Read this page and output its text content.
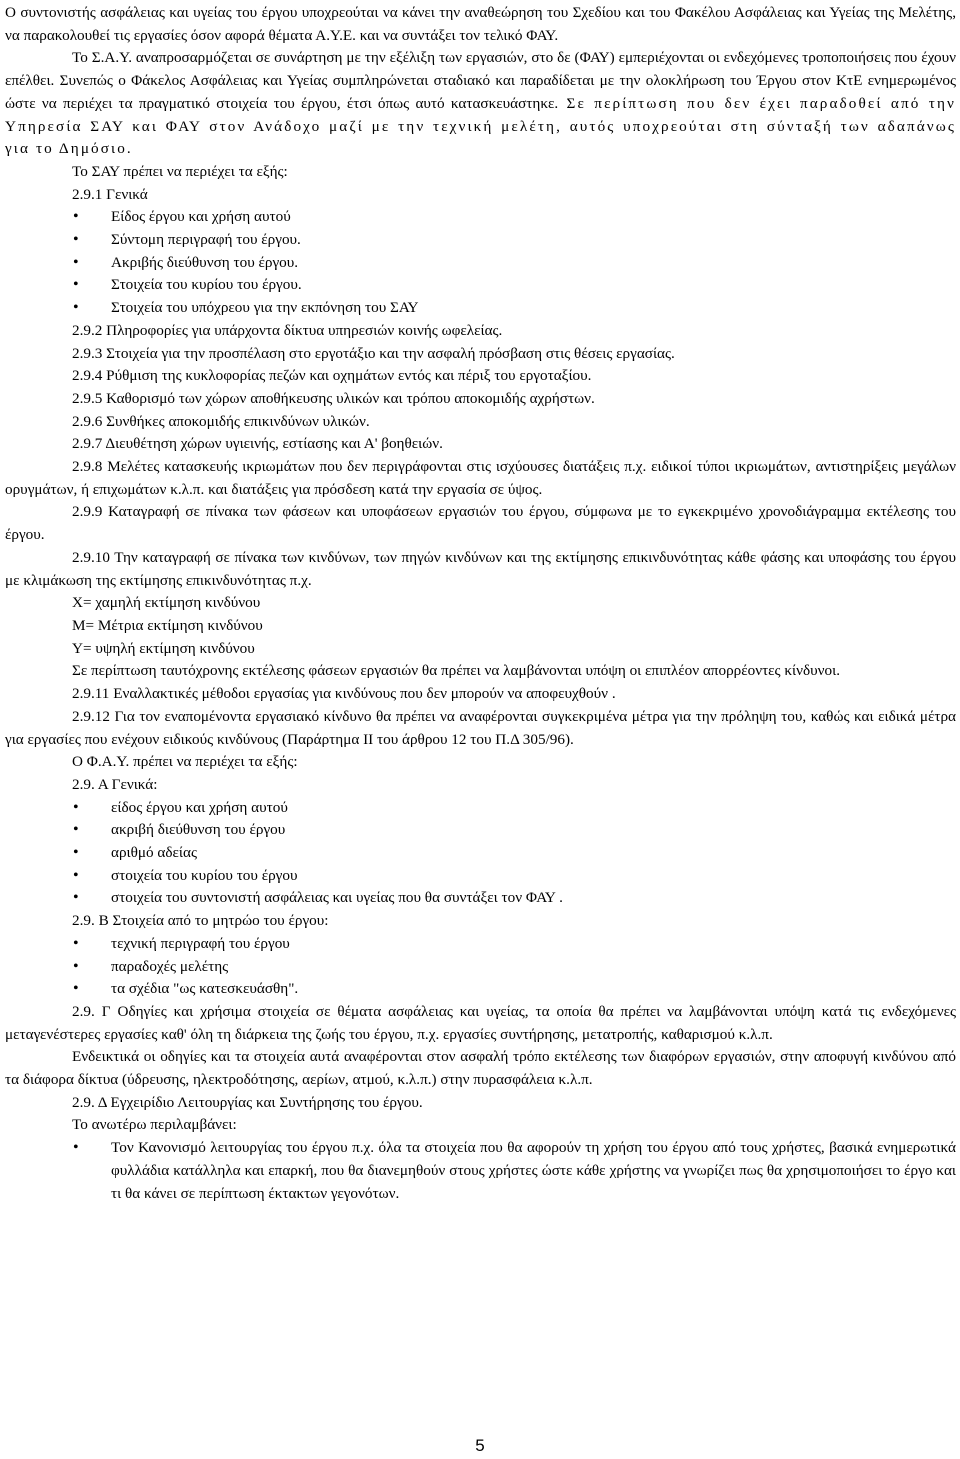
Ο συντονιστής ασφάλειας και υγείας του έργου υποχρεούται να κάνει την αναθεώρηση του Σχεδίου και του Φακέλου Ασφάλειας και Υγείας της Μελέτης, να παρακολουθεί τις εργασίες όσον αφορά θέματα Α.Υ.Ε. και να συντάξει τον τελικό ΦΑΥ.

Το Σ.Α.Υ. αναπροσαρμόζεται σε συνάρτηση με την εξέλιξη των εργασιών, στο δε (ΦΑΥ) εμπεριέχονται οι ενδεχόμενες τροποποιήσεις που έχουν επέλθει. Συνεπώς ο Φάκελος Ασφάλειας και Υγείας συμπληρώνεται σταδιακό και παραδίδεται με την ολοκλήρωση του Έργου στον ΚτΕ ενημερωμένος ώστε να περιέχει τα πραγματικό στοιχεία του έργου, έτσι όπως αυτό κατασκευάστηκε. Σε περίπτωση που δεν έχει παραδοθεί από την Υπηρεσία ΣΑΥ και ΦΑΥ στον Ανάδοχο μαζί με την τεχνική μελέτη, αυτός υποχρεούται στη σύνταξή των αδαπάνως για το Δημόσιο.

Το ΣΑΥ πρέπει να περιέχει τα εξής:

2.9.1 Γενικά

• Είδος έργου και χρήση αυτού
• Σύντομη περιγραφή του έργου.
• Ακριβής διεύθυνση του έργου.
• Στοιχεία του κυρίου του έργου.
• Στοιχεία του υπόχρεου για την εκπόνηση του ΣΑΥ

2.9.2 Πληροφορίες για υπάρχοντα δίκτυα υπηρεσιών κοινής ωφελείας.

2.9.3 Στοιχεία για την προσπέλαση στο εργοτάξιο και την ασφαλή πρόσβαση στις θέσεις εργασίας.

2.9.4 Ρύθμιση της κυκλοφορίας πεζών και οχημάτων εντός και πέριξ του εργοταξίου.

2.9.5 Καθορισμό των χώρων αποθήκευσης υλικών και τρόπου αποκομιδής αχρήστων.

2.9.6 Συνθήκες αποκομιδής επικινδύνων υλικών.

2.9.7 Διευθέτηση χώρων υγιεινής, εστίασης και Α' βοηθειών.

2.9.8 Μελέτες κατασκευής ικριωμάτων που δεν περιγράφονται στις ισχύουσες διατάξεις π.χ. ειδικοί τύποι ικριωμάτων, αντιστηρίξεις μεγάλων ορυγμάτων, ή επιχωμάτων κ.λ.π. και διατάξεις για πρόσδεση κατά την εργασία σε ύψος.

2.9.9 Καταγραφή σε πίνακα των φάσεων και υποφάσεων εργασιών του έργου, σύμφωνα με το εγκεκριμένο χρονοδιάγραμμα εκτέλεσης του έργου.

2.9.10 Την καταγραφή σε πίνακα των κινδύνων, των πηγών κινδύνων και της εκτίμησης επικινδυνότητας κάθε φάσης και υποφάσης του έργου με κλιμάκωση της εκτίμησης επικινδυνότητας π.χ.

Χ= χαμηλή εκτίμηση κινδύνου

Μ= Μέτρια εκτίμηση κινδύνου

Υ= υψηλή εκτίμηση κινδύνου

Σε περίπτωση ταυτόχρονης εκτέλεσης φάσεων εργασιών θα πρέπει να λαμβάνονται υπόψη οι επιπλέον απορρέοντες κίνδυνοι.

2.9.11 Εναλλακτικές μέθοδοι εργασίας για κινδύνους που δεν μπορούν να αποφευχθούν .

2.9.12 Για τον εναπομένοντα εργασιακό κίνδυνο θα πρέπει να αναφέρονται συγκεκριμένα μέτρα για την πρόληψη του, καθώς και ειδικά μέτρα για εργασίες που ενέχουν ειδικούς κινδύνους (Παράρτημα ΙΙ του άρθρου 12 του Π.Δ 305/96).

Ο Φ.Α.Υ. πρέπει να περιέχει τα εξής:

2.9. Α Γενικά:

• είδος έργου και χρήση αυτού
• ακριβή διεύθυνση του έργου
• αριθμό αδείας
• στοιχεία του κυρίου του έργου
• στοιχεία του συντονιστή ασφάλειας και υγείας που θα συντάξει τον ΦΑΥ .

2.9. Β Στοιχεία από το μητρώο του έργου:

• τεχνική περιγραφή του έργου
• παραδοχές μελέτης
• τα σχέδια "ως κατεσκευάσθη".

2.9. Γ Οδηγίες και χρήσιμα στοιχεία σε θέματα ασφάλειας και υγείας, τα οποία θα πρέπει να λαμβάνονται υπόψη κατά τις ενδεχόμενες μεταγενέστερες εργασίες καθ' όλη τη διάρκεια της ζωής του έργου, π.χ. εργασίες συντήρησης, μετατροπής, καθαρισμού κ.λ.π.

Ενδεικτικά οι οδηγίες και τα στοιχεία αυτά αναφέρονται στον ασφαλή τρόπο εκτέλεσης των διαφόρων εργασιών, στην αποφυγή κινδύνου από τα διάφορα δίκτυα (ύδρευσης, ηλεκτροδότησης, αερίων, ατμού, κ.λ.π.) στην πυρασφάλεια κ.λ.π.

2.9. Δ Εγχειρίδιο Λειτουργίας και Συντήρησης του έργου.

Το ανωτέρω περιλαμβάνει:

• Τον Κανονισμό λειτουργίας του έργου π.χ. όλα τα στοιχεία που θα αφορούν τη χρήση του έργου από τους χρήστες, βασικά ενημερωτικά φυλλάδια κατάλληλα και επαρκή, που θα διανεμηθούν στους χρήστες ώστε κάθε χρήστης να γνωρίζει πως θα χρησιμοποιήσει το έργο και τι θα κάνει σε περίπτωση έκτακτων γεγονότων.
5
